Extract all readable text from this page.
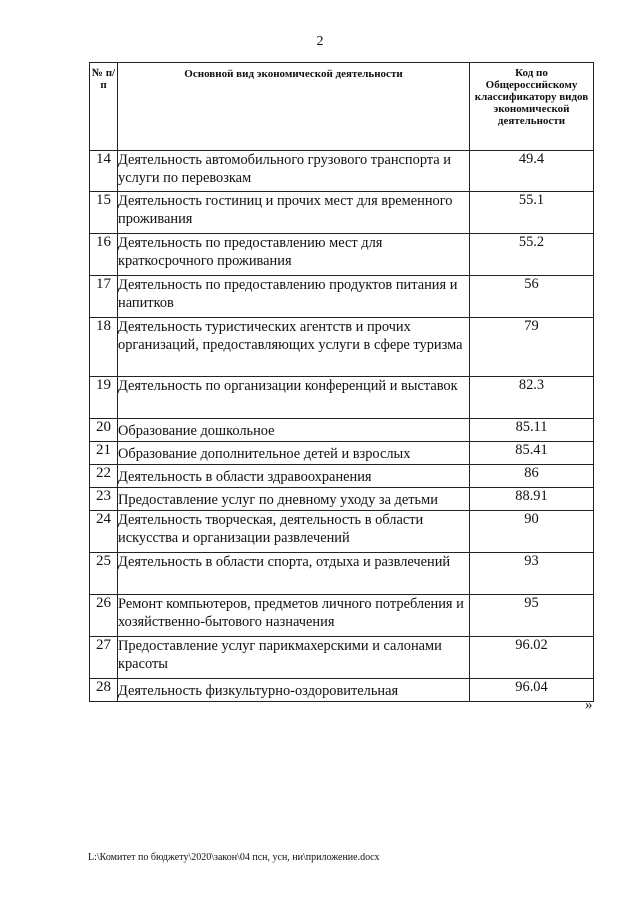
2
№ п/п	Основной вид экономической деятельности	Код по Общероссийскому классификатору видов экономической деятельности
14	Деятельность автомобильного грузового транспорта и услуги по перевозкам	49.4
15	Деятельность гостиниц и прочих мест для временного проживания	55.1
16	Деятельность по предоставлению мест для краткосрочного проживания	55.2
17	Деятельность по предоставлению продуктов питания и напитков	56
18	Деятельность туристических агентств и прочих организаций, предоставляющих услуги в сфере туризма	79
19	Деятельность по организации конференций и выставок	82.3
20	Образование дошкольное	85.11
21	Образование дополнительное детей и взрослых	85.41
22	Деятельность в области здравоохранения	86
23	Предоставление услуг по дневному уходу за детьми	88.91
24	Деятельность творческая, деятельность в области искусства и организации развлечений	90
25	Деятельность в области спорта, отдыха и развлечений	93
26	Ремонт компьютеров, предметов личного потребления и хозяйственно-бытового назначения	95
27	Предоставление услуг парикмахерскими и салонами красоты	96.02
28	Деятельность физкультурно-оздоровительная	96.04
»
L:\Комитет по бюджету\2020\закон\04 псн, усн, ни\приложение.docx
